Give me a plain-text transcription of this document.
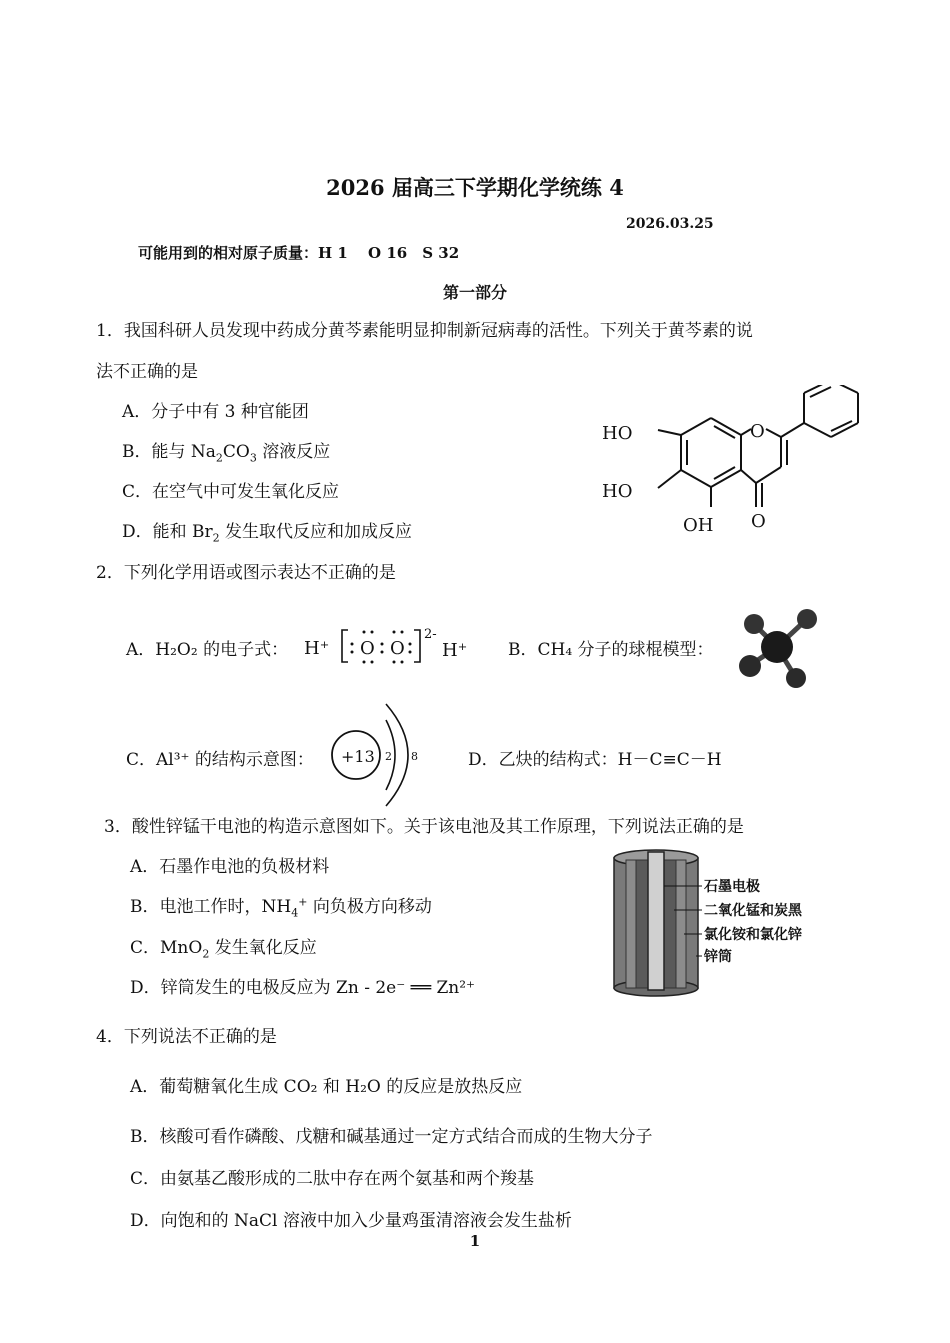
2026 届高三下学期化学统练 4
2026.03.25
可能用到的相对原子质量：H 1　 O 16　S 32
第一部分
1．我国科研人员发现中药成分黄芩素能明显抑制新冠病毒的活性。下列关于黄芩素的说
法不正确的是
A．分子中有 3 种官能团
B．能与 $Na_2CO_3$ 溶液反应
C．在空气中可发生氧化反应
D．能和 $Br_2$ 发生取代反应和加成反应
HO
HO
OH
O
O
2．下列化学用语或图示表达不正确的是
A．H₂O₂ 的电子式： H⁺ O O
2-
H⁺ B．CH₄ 分子的球棍模型：
C．Al³⁺ 的结构示意图： +13 2 8	D．乙炔的结构式：H－C≡C－H
3．酸性锌锰干电池的构造示意图如下。关于该电池及其工作原理，下列说法正确的是
A．石墨作电池的负极材料
B．电池工作时，$NH_4^+$ 向负极方向移动
C．MnO$_2$ 发生氧化反应
D．锌筒发生的电极反应为 Zn - 2e⁻ ══ Zn²⁺
石墨电极
二氧化锰和炭黑
氯化铵和氯化锌
锌筒
4．下列说法不正确的是
A．葡萄糖氧化生成 CO₂ 和 H₂O 的反应是放热反应
B．核酸可看作磷酸、戊糖和碱基通过一定方式结合而成的生物大分子
C．由氨基乙酸形成的二肽中存在两个氨基和两个羧基
D．向饱和的 NaCl 溶液中加入少量鸡蛋清溶液会发生盐析
1
